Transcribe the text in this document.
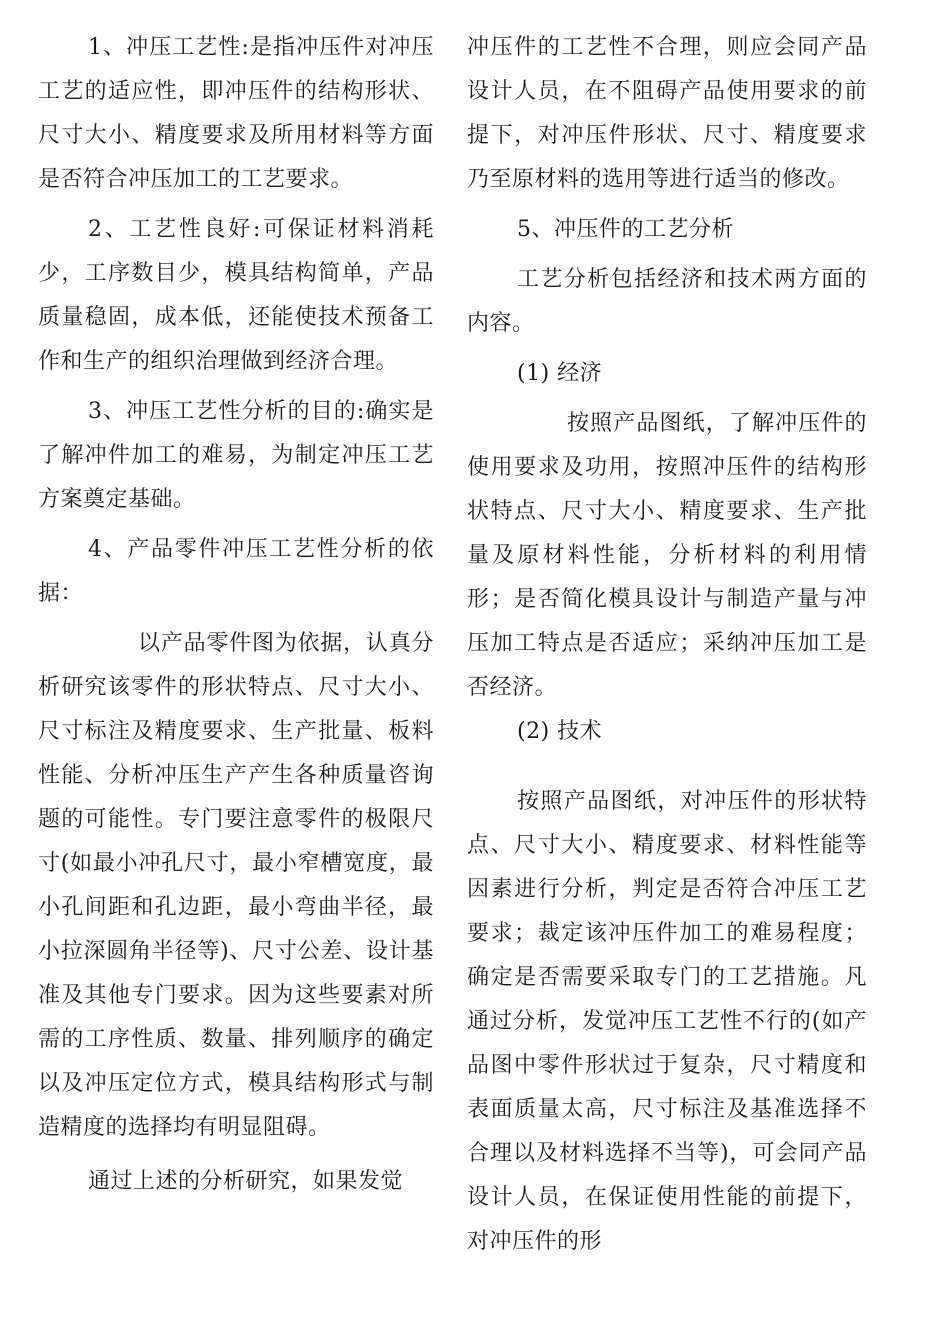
1、冲压工艺性:是指冲压件对冲压工艺的适应性，即冲压件的结构形状、尺寸大小、精度要求及所用材料等方面是否符合冲压加工的工艺要求。

2、工艺性良好:可保证材料消耗少，工序数目少，模具结构简单，产品质量稳固，成本低，还能使技术预备工作和生产的组织治理做到经济合理。

3、冲压工艺性分析的目的:确实是了解冲件加工的难易，为制定冲压工艺方案奠定基础。

4、产品零件冲压工艺性分析的依据：

以产品零件图为依据，认真分析研究该零件的形状特点、尺寸大小、尺寸标注及精度要求、生产批量、板料性能、分析冲压生产产生各种质量咨询题的可能性。专门要注意零件的极限尺寸(如最小冲孔尺寸，最小窄槽宽度，最小孔间距和孔边距，最小弯曲半径，最小拉深圆角半径等)、尺寸公差、设计基准及其他专门要求。因为这些要素对所需的工序性质、数量、排列顺序的确定以及冲压定位方式，模具结构形式与制造精度的选择均有明显阻碍。

通过上述的分析研究，如果发觉

冲压件的工艺性不合理，则应会同产品设计人员，在不阻碍产品使用要求的前提下，对冲压件形状、尺寸、精度要求乃至原材料的选用等进行适当的修改。

5、冲压件的工艺分析

工艺分析包括经济和技术两方面的内容。

(1) 经济

按照产品图纸，了解冲压件的使用要求及功用，按照冲压件的结构形状特点、尺寸大小、精度要求、生产批量及原材料性能，分析材料的利用情形；是否简化模具设计与制造产量与冲压加工特点是否适应；采纳冲压加工是否经济。

(2) 技术

按照产品图纸，对冲压件的形状特点、尺寸大小、精度要求、材料性能等因素进行分析，判定是否符合冲压工艺要求；裁定该冲压件加工的难易程度；确定是否需要采取专门的工艺措施。凡通过分析，发觉冲压工艺性不行的(如产品图中零件形状过于复杂，尺寸精度和表面质量太高，尺寸标注及基准选择不合理以及材料选择不当等)，可会同产品设计人员，在保证使用性能的前提下，对冲压件的形
